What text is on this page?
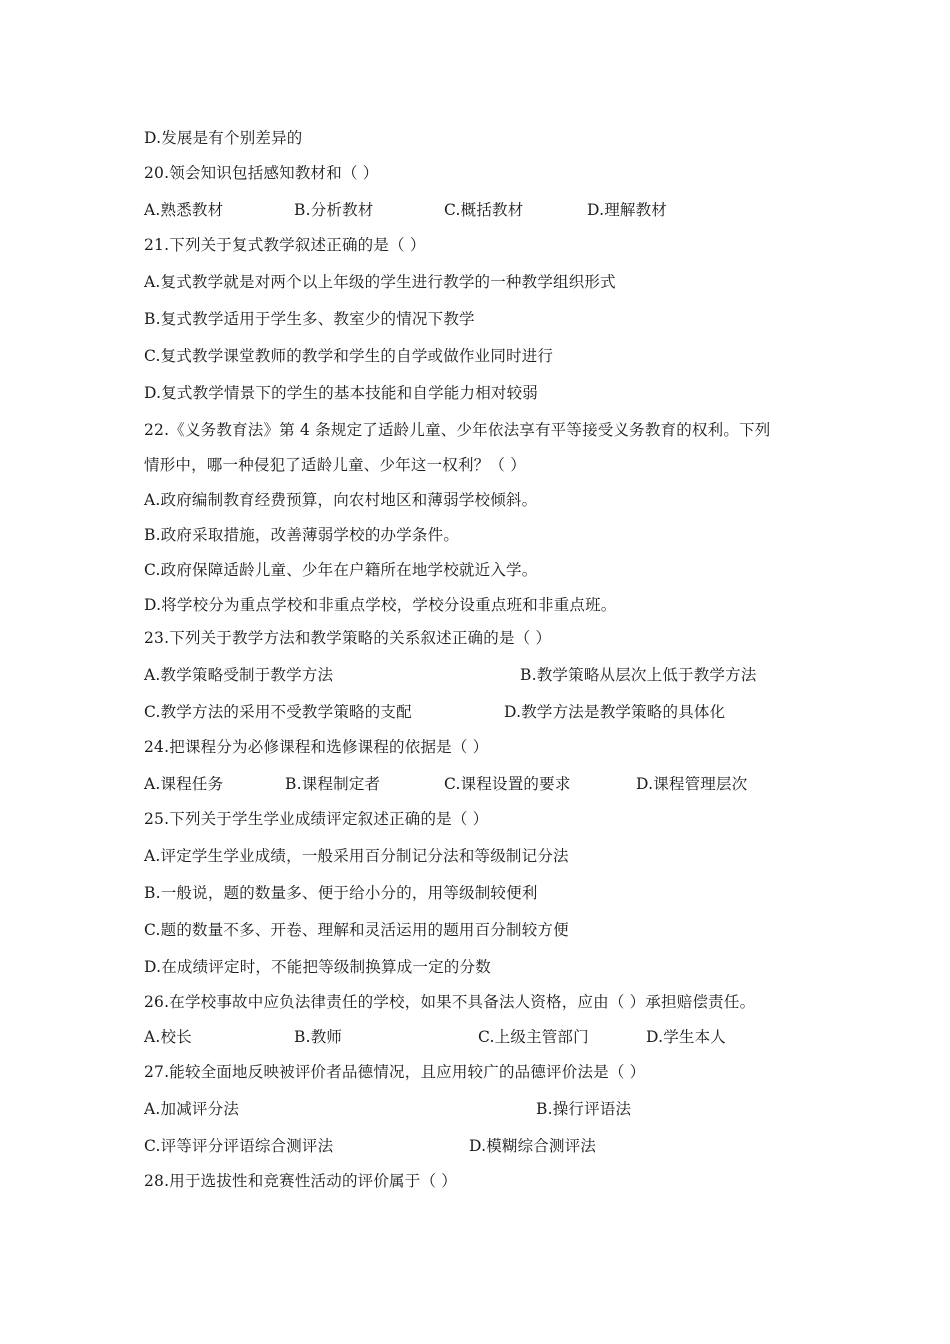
D.发展是有个别差异的
20.领会知识包括感知教材和（ ）
A.熟悉教材	B.分析教材	C.概括教材	D.理解教材
21.下列关于复式教学叙述正确的是（ ）
A.复式教学就是对两个以上年级的学生进行教学的一种教学组织形式
B.复式教学适用于学生多、教室少的情况下教学
C.复式教学课堂教师的教学和学生的自学或做作业同时进行
D.复式教学情景下的学生的基本技能和自学能力相对较弱
22.《义务教育法》第 4 条规定了适龄儿童、少年依法享有平等接受义务教育的权利。下列
情形中，哪一种侵犯了适龄儿童、少年这一权利？（ ）
A.政府编制教育经费预算，向农村地区和薄弱学校倾斜。
B.政府采取措施，改善薄弱学校的办学条件。
C.政府保障适龄儿童、少年在户籍所在地学校就近入学。
D.将学校分为重点学校和非重点学校，学校分设重点班和非重点班。
23.下列关于教学方法和教学策略的关系叙述正确的是（ ）
A.教学策略受制于教学方法	B.教学策略从层次上低于教学方法
C.教学方法的采用不受教学策略的支配	D.教学方法是教学策略的具体化
24.把课程分为必修课程和选修课程的依据是（ ）
A.课程任务	B.课程制定者	C.课程设置的要求	D.课程管理层次
25.下列关于学生学业成绩评定叙述正确的是（ ）
A.评定学生学业成绩，一般采用百分制记分法和等级制记分法
B.一般说，题的数量多、便于给小分的，用等级制较便利
C.题的数量不多、开卷、理解和灵活运用的题用百分制较方便
D.在成绩评定时，不能把等级制换算成一定的分数
26.在学校事故中应负法律责任的学校，如果不具备法人资格，应由（ ）承担赔偿责任。
A.校长	B.教师	C.上级主管部门	D.学生本人
27.能较全面地反映被评价者品德情况，且应用较广的品德评价法是（ ）
A.加减评分法	B.操行评语法
C.评等评分评语综合测评法	D.模糊综合测评法
28.用于选拔性和竞赛性活动的评价属于（ ）
